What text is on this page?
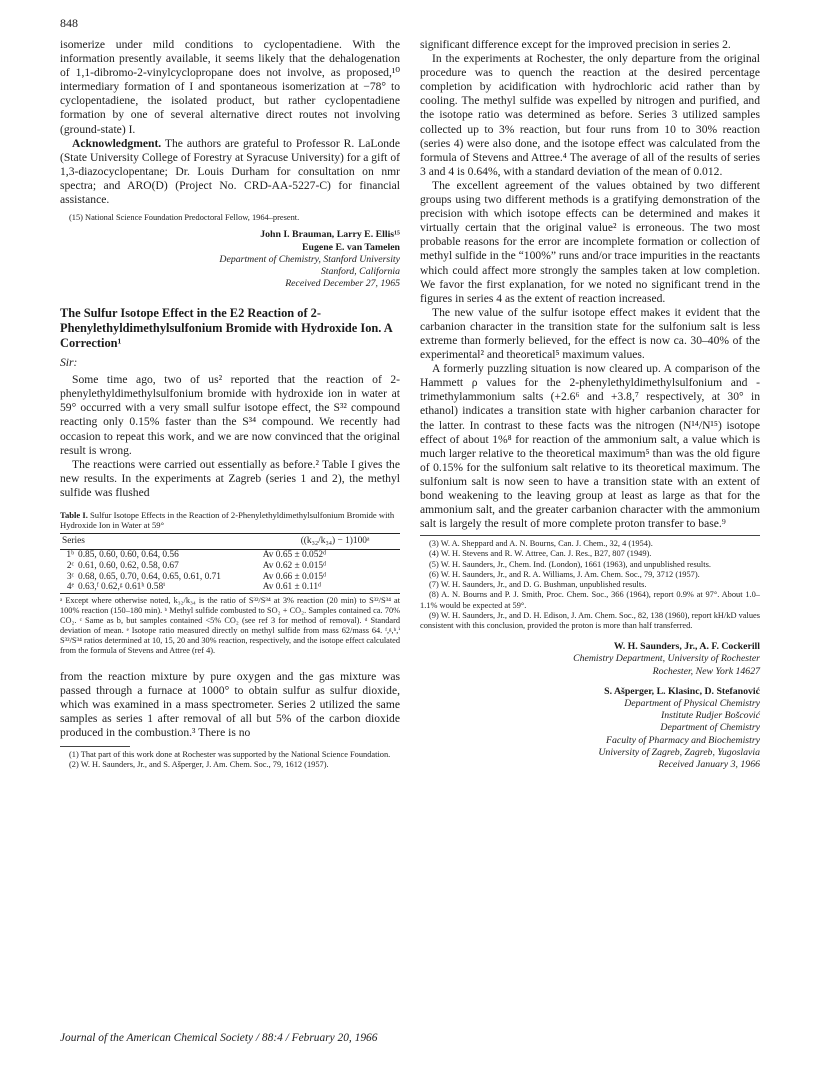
848

isomerize under mild conditions to cyclopentadiene. With the information presently available, it seems likely that the dehalogenation of 1,1-dibromo-2-vinylcyclopropane does not involve, as proposed,¹⁰ intermediary formation of I and spontaneous isomerization at −78° to cyclopentadiene, the isolated product, but rather cyclopentadiene formation by one of several alternative direct routes not involving (ground-state) I.

Acknowledgment. The authors are grateful to Professor R. LaLonde (State University College of Forestry at Syracuse University) for a gift of 1,3-diazocyclopentane; Dr. Louis Durham for consultation on nmr spectra; and ARO(D) (Project No. CRD-AA-5227-C) for financial assistance.

(15) National Science Foundation Predoctoral Fellow, 1964–present.

John I. Brauman, Larry E. Ellis¹⁵
Eugene E. van Tamelen
Department of Chemistry, Stanford University
Stanford, California
Received December 27, 1965
The Sulfur Isotope Effect in the E2 Reaction of 2-Phenylethyldimethylsulfonium Bromide with Hydroxide Ion. A Correction¹
Sir:

Some time ago, two of us² reported that the reaction of 2-phenylethyldimethylsulfonium bromide with hydroxide ion in water at 59° occurred with a very small sulfur isotope effect, the S³² compound reacting only 0.15% faster than the S³⁴ compound. We recently had occasion to repeat this work, and we are now convinced that the original result is wrong.

The reactions were carried out essentially as before.² Table I gives the new results. In the experiments at Zagreb (series 1 and 2), the methyl sulfide was flushed

Table I. Sulfur Isotope Effects in the Reaction of 2-Phenylethyldimethylsulfonium Bromide with Hydroxide Ion in Water at 59°
Series		((k₃₂/k₃₄) − 1)100ᵃ
1ᵇ	0.85, 0.60, 0.60, 0.64, 0.56	Av 0.65 ± 0.052ᵈ
2ᶜ	0.61, 0.60, 0.62, 0.58, 0.67	Av 0.62 ± 0.015ᵈ
3ᶜ	0.68, 0.65, 0.70, 0.64, 0.65, 0.61, 0.71	Av 0.66 ± 0.015ᵈ
4ᵉ	0.63,ᶠ 0.62,ᵍ 0.61ʰ 0.58ⁱ	Av 0.61 ± 0.11ᵈ
ᵃ Except where otherwise noted, k₃₂/k₃₄ is the ratio of S³²/S³⁴ at 3% reaction (20 min) to S³²/S³⁴ at 100% reaction (150–180 min). ᵇ Methyl sulfide combusted to SO₂ + CO₂. Samples contained ca. 70% CO₂. ᶜ Same as b, but samples contained <5% CO₂ (see ref 3 for method of removal). ᵈ Standard deviation of mean. ᵉ Isotope ratio measured directly on methyl sulfide from mass 62/mass 64. ᶠ,ᵍ,ʰ,ⁱ S³²/S³⁴ ratios determined at 10, 15, 20 and 30% reaction, respectively, and the isotope effect calculated from the formula of Stevens and Attree (ref 4).

from the reaction mixture by pure oxygen and the gas mixture was passed through a furnace at 1000° to obtain sulfur as sulfur dioxide, which was examined in a mass spectrometer. Series 2 utilized the same samples as series 1 after removal of all but 5% of the carbon dioxide produced in the combustion.³ There is no

(1) That part of this work done at Rochester was supported by the National Science Foundation.

(2) W. H. Saunders, Jr., and S. Ašperger, J. Am. Chem. Soc., 79, 1612 (1957).

significant difference except for the improved precision in series 2.

In the experiments at Rochester, the only departure from the original procedure was to quench the reaction at the desired percentage completion by acidification with hydrochloric acid rather than by cooling. The methyl sulfide was expelled by nitrogen and purified, and the isotope ratio was determined as before. Series 3 utilized samples collected up to 3% reaction, but four runs from 10 to 30% reaction (series 4) were also done, and the isotope effect was calculated from the formula of Stevens and Attree.⁴ The average of all of the results of series 3 and 4 is 0.64%, with a standard deviation of the mean of 0.012.

The excellent agreement of the values obtained by two different groups using two different methods is a gratifying demonstration of the precision with which isotope effects can be determined and makes it virtually certain that the original value² is erroneous. The two most probable reasons for the error are incomplete formation or collection of methyl sulfide in the “100%” runs and/or trace impurities in the reactants which could affect more strongly the samples taken at low completion. We favor the first explanation, for we noted no significant trend in the figures in series 4 as the extent of reaction increased.

The new value of the sulfur isotope effect makes it evident that the carbanion character in the transition state for the sulfonium salt is less extreme than formerly believed, for the effect is now ca. 30–40% of the experimental² and theoretical⁵ maximum values.

A formerly puzzling situation is now cleared up. A comparison of the Hammett ρ values for the 2-phenylethyldimethylsulfonium and -trimethylammonium salts (+2.6⁶ and +3.8,⁷ respectively, at 30° in ethanol) indicates a transition state with higher carbanion character for the latter. In contrast to these facts was the nitrogen (N¹⁴/N¹⁵) isotope effect of about 1%⁸ for reaction of the ammonium salt, a value which is much larger relative to the theoretical maximum⁵ than was the old figure of 0.15% for the sulfonium salt relative to its theoretical maximum. The sulfonium salt is now seen to have a transition state with an extent of bond weakening to the leaving group at least as large as that for the ammonium salt, and the greater carbanion character with the ammonium salt is largely the result of more complete proton transfer to base.⁹

(3) W. A. Sheppard and A. N. Bourns, Can. J. Chem., 32, 4 (1954).

(4) W. H. Stevens and R. W. Attree, Can. J. Res., B27, 807 (1949).

(5) W. H. Saunders, Jr., Chem. Ind. (London), 1661 (1963), and unpublished results.

(6) W. H. Saunders, Jr., and R. A. Williams, J. Am. Chem. Soc., 79, 3712 (1957).

(7) W. H. Saunders, Jr., and D. G. Bushman, unpublished results.

(8) A. N. Bourns and P. J. Smith, Proc. Chem. Soc., 366 (1964), report 0.9% at 97°. About 1.0–1.1% would be expected at 59°.

(9) W. H. Saunders, Jr., and D. H. Edison, J. Am. Chem. Soc., 82, 138 (1960), report kH/kD values consistent with this conclusion, provided the proton is more than half transferred.

W. H. Saunders, Jr., A. F. Cockerill
Chemistry Department, University of Rochester
Rochester, New York 14627
S. Ašperger, L. Klasinc, D. Stefanović
Department of Physical Chemistry
Institute Rudjer Bošcović
Department of Chemistry
Faculty of Pharmacy and Biochemistry
University of Zagreb, Zagreb, Yugoslavia
Received January 3, 1966
Journal of the American Chemical Society / 88:4 / February 20, 1966
